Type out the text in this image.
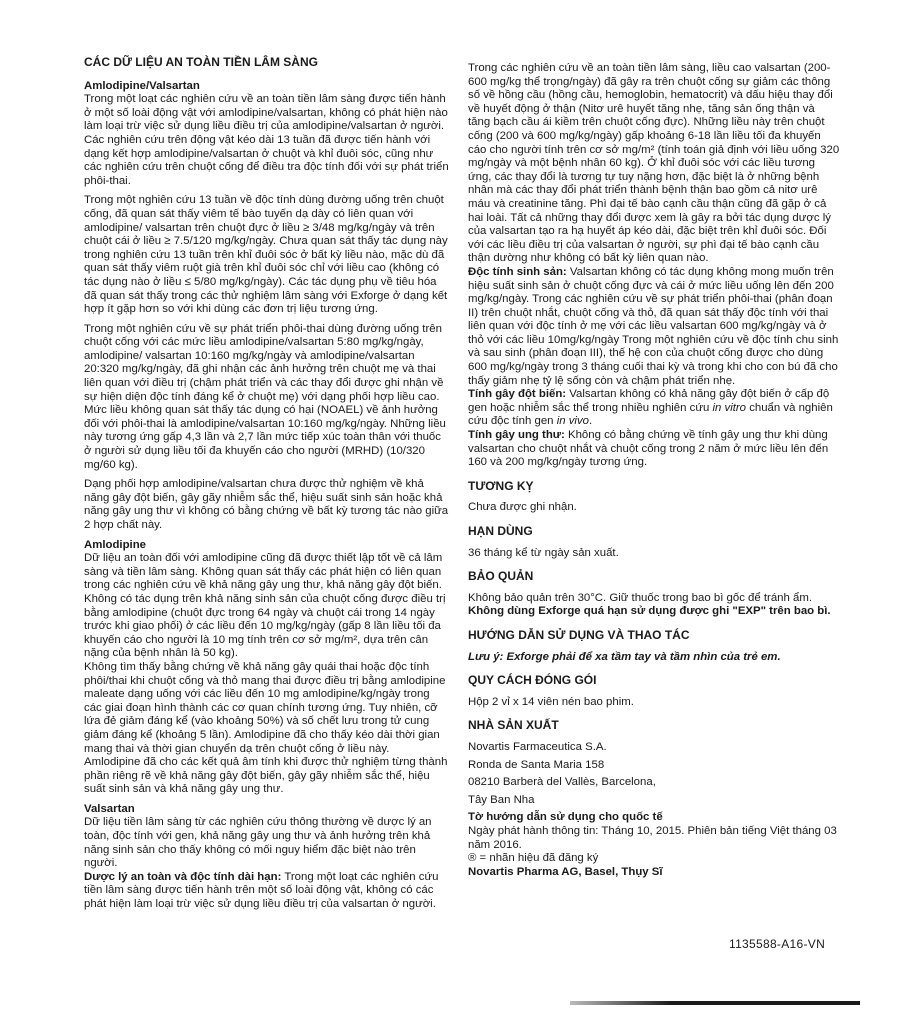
CÁC DỮ LIỆU AN TOÀN TIỀN LÂM SÀNG

Amlodipine/Valsartan

Trong một loạt các nghiên cứu về an toàn tiền lâm sàng được tiến hành ở một số loài động vật với amlodipine/valsartan, không có phát hiện nào làm loại trừ việc sử dụng liều điều trị của amlodipine/valsartan ở người. Các nghiên cứu trên động vật kéo dài 13 tuần đã được tiến hành với dạng kết hợp amlodipine/valsartan ở chuột và khỉ đuôi sóc, cũng như các nghiên cứu trên chuột cống để điều tra độc tính đối với sự phát triển phôi-thai.

Trong một nghiên cứu 13 tuần về độc tính dùng đường uống trên chuột cống, đã quan sát thấy viêm tế bào tuyến dạ dày có liên quan với amlodipine/ valsartan trên chuột đực ở liều ≥ 3/48 mg/kg/ngày và trên chuột cái ở liều ≥ 7.5/120 mg/kg/ngày. Chưa quan sát thấy tác dụng này trong nghiên cứu 13 tuần trên khỉ đuôi sóc ở bất kỳ liều nào, mặc dù đã quan sát thấy viêm ruột già trên khỉ đuôi sóc chỉ với liều cao (không có tác dụng nào ở liều ≤ 5/80 mg/kg/ngày). Các tác dụng phụ về tiêu hóa đã quan sát thấy trong các thử nghiệm lâm sàng với Exforge ở dạng kết hợp ít gặp hơn so với khi dùng các đơn trị liệu tương ứng.

Trong một nghiên cứu về sự phát triển phôi-thai dùng đường uống trên chuột cống với các mức liều amlodipine/valsartan 5:80 mg/kg/ngày, amlodipine/ valsartan 10:160 mg/kg/ngày và amlodipine/valsartan 20:320 mg/kg/ngày, đã ghi nhận các ảnh hưởng trên chuột mẹ và thai liên quan với điều trị (chậm phát triển và các thay đổi được ghi nhận về sự hiện diện độc tính đáng kể ở chuột mẹ) với dạng phối hợp liều cao. Mức liều không quan sát thấy tác dụng có hại (NOAEL) về ảnh hưởng đối với phôi-thai là amlodipine/valsartan 10:160 mg/kg/ngày. Những liều này tương ứng gấp 4,3 lần và 2,7 lần mức tiếp xúc toàn thân với thuốc ở người sử dụng liều tối đa khuyến cáo cho người (MRHD) (10/320 mg/60 kg).

Dạng phối hợp amlodipine/valsartan chưa được thử nghiệm về khả năng gây đột biến, gây gãy nhiễm sắc thể, hiệu suất sinh sản hoặc khả năng gây ung thư vì không có bằng chứng về bất kỳ tương tác nào giữa 2 hợp chất này.

Amlodipine

Dữ liệu an toàn đối với amlodipine cũng đã được thiết lập tốt về cả lâm sàng và tiền lâm sàng. Không quan sát thấy các phát hiện có liên quan trong các nghiên cứu về khả năng gây ung thư, khả năng gây đột biến.

Không có tác dụng trên khả năng sinh sản của chuột cống được điều trị bằng amlodipine (chuột đực trong 64 ngày và chuột cái trong 14 ngày trước khi giao phối) ở các liều đến 10 mg/kg/ngày (gấp 8 lần liều tối đa khuyến cáo cho người là 10 mg tính trên cơ sở mg/m², dựa trên cân nặng của bệnh nhân là 50 kg).

Không tìm thấy bằng chứng về khả năng gây quái thai hoặc độc tính phôi/thai khi chuột cống và thỏ mang thai được điều trị bằng amlodipine maleate dạng uống với các liều đến 10 mg amlodipine/kg/ngày trong các giai đoạn hình thành các cơ quan chính tương ứng. Tuy nhiên, cỡ lứa đẻ giảm đáng kể (vào khoảng 50%) và số chết lưu trong tử cung giảm đáng kể (khoảng 5 lần). Amlodipine đã cho thấy kéo dài thời gian mang thai và thời gian chuyển dạ trên chuột cống ở liều này.

Amlodipine đã cho các kết quả âm tính khi được thử nghiệm từng thành phần riêng rẽ về khả năng gây đột biến, gây gãy nhiễm sắc thể, hiệu suất sinh sản và khả năng gây ung thư.

Valsartan

Dữ liệu tiền lâm sàng từ các nghiên cứu thông thường về dược lý an toàn, độc tính với gen, khả năng gây ung thư và ảnh hưởng trên khả năng sinh sản cho thấy không có mối nguy hiểm đặc biệt nào trên người.

Dược lý an toàn và độc tính dài hạn: Trong một loạt các nghiên cứu tiền lâm sàng được tiến hành trên một số loài động vật, không có các phát hiện làm loại trừ việc sử dụng liều điều trị của valsartan ở người.

Trong các nghiên cứu về an toàn tiền lâm sàng, liều cao valsartan (200-600 mg/kg thể trọng/ngày) đã gây ra trên chuột cống sự giảm các thông số về hồng cầu (hồng cầu, hemoglobin, hematocrit) và dấu hiệu thay đổi về huyết động ở thận (Nitơ urê huyết tăng nhẹ, tăng sản ống thận và tăng bạch cầu ái kiềm trên chuột cống đực). Những liều này trên chuột cống (200 và 600 mg/kg/ngày) gấp khoảng 6-18 lần liều tối đa khuyến cáo cho người tính trên cơ sở mg/m² (tính toán giả định với liều uống 320 mg/ngày và một bệnh nhân 60 kg). Ở khỉ đuôi sóc với các liều tương ứng, các thay đổi là tương tự tuy nặng hơn, đặc biệt là ở những bệnh nhân mà các thay đổi phát triển thành bệnh thận bao gồm cả nitơ urê máu và creatinine tăng. Phì đại tế bào cạnh cầu thận cũng đã gặp ở cả hai loài. Tất cả những thay đổi được xem là gây ra bởi tác dụng dược lý của valsartan tạo ra hạ huyết áp kéo dài, đặc biệt trên khỉ đuôi sóc. Đối với các liều điều trị của valsartan ở người, sự phì đại tế bào cạnh cầu thận dường như không có bất kỳ liên quan nào.

Độc tính sinh sản: Valsartan không có tác dụng không mong muốn trên hiệu suất sinh sản ở chuột cống đực và cái ở mức liều uống lên đến 200 mg/kg/ngày. Trong các nghiên cứu về sự phát triển phôi-thai (phân đoạn II) trên chuột nhắt, chuột cống và thỏ, đã quan sát thấy độc tính với thai liên quan với độc tính ở mẹ với các liều valsartan 600 mg/kg/ngày và ở thỏ với các liều 10mg/kg/ngày Trong một nghiên cứu về độc tính chu sinh và sau sinh (phân đoạn III), thế hệ con của chuột cống được cho dùng 600 mg/kg/ngày trong 3 tháng cuối thai kỳ và trong khi cho con bú đã cho thấy giảm nhẹ tỷ lệ sống còn và chậm phát triển nhẹ.

Tính gây đột biến: Valsartan không có khả năng gây đột biến ở cấp độ gen hoặc nhiễm sắc thể trong nhiều nghiên cứu in vitro chuẩn và nghiên cứu độc tính gen in vivo.

Tính gây ung thư: Không có bằng chứng về tính gây ung thư khi dùng valsartan cho chuột nhắt và chuột cống trong 2 năm ở mức liều lên đến 160 và 200 mg/kg/ngày tương ứng.

TƯƠNG KỴ

Chưa được ghi nhận.

HẠN DÙNG

36 tháng kể từ ngày sản xuất.

BẢO QUẢN

Không bảo quản trên 30°C. Giữ thuốc trong bao bì gốc để tránh ẩm.

Không dùng Exforge quá hạn sử dụng được ghi "EXP" trên bao bì.

HƯỚNG DẪN SỬ DỤNG VÀ THAO TÁC

Lưu ý: Exforge phải để xa tầm tay và tầm nhìn của trẻ em.

QUY CÁCH ĐÓNG GÓI

Hộp 2 vỉ x 14 viên nén bao phim.

NHÀ SẢN XUẤT

Novartis Farmaceutica S.A.

Ronda de Santa Maria 158

08210 Barberà del Vallès, Barcelona,

Tây Ban Nha

Tờ hướng dẫn sử dụng cho quốc tế

Ngày phát hành thông tin: Tháng 10, 2015. Phiên bản tiếng Việt tháng 03 năm 2016.

® = nhãn hiệu đã đăng ký

Novartis Pharma AG, Basel, Thụy Sĩ

1135588-A16-VN
